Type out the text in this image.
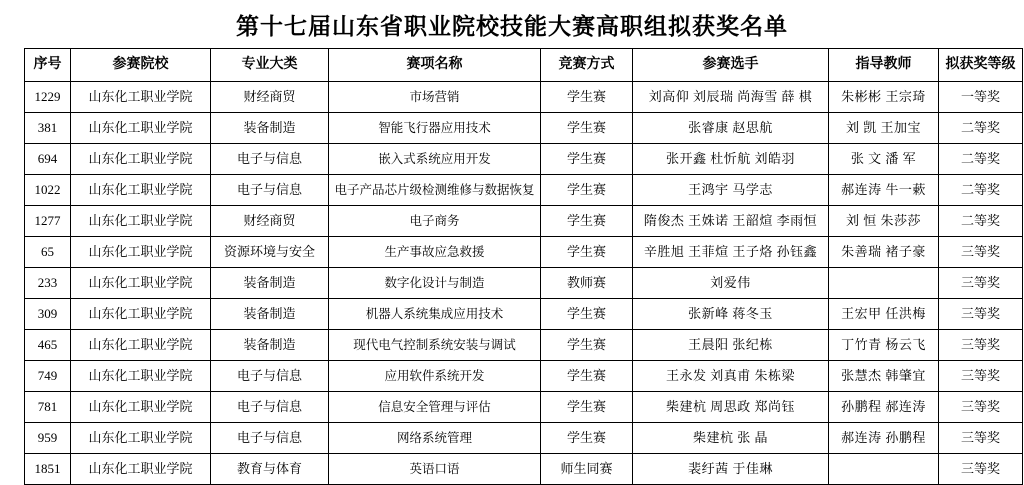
第十七届山东省职业院校技能大赛高职组拟获奖名单
序号	参赛院校	专业大类	赛项名称	竞赛方式	参赛选手	指导教师	拟获奖等级
1229	山东化工职业学院	财经商贸	市场营销	学生赛	刘高仰 刘辰瑞 尚海雪 薛 棋	朱彬彬 王宗琦	一等奖
381	山东化工职业学院	装备制造	智能飞行器应用技术	学生赛	张睿康 赵思航	刘 凯 王加宝	二等奖
694	山东化工职业学院	电子与信息	嵌入式系统应用开发	学生赛	张开鑫 杜忻航 刘皓羽	张 文 潘 军	二等奖
1022	山东化工职业学院	电子与信息	电子产品芯片级检测维修与数据恢复	学生赛	王鸿宇 马学志	郝连涛 牛一蔌	二等奖
1277	山东化工职业学院	财经商贸	电子商务	学生赛	隋俊杰 王姝诺 王韶煊 李雨恒	刘 恒 朱莎莎	二等奖
65	山东化工职业学院	资源环境与安全	生产事故应急救援	学生赛	辛胜旭 王菲煊 王子烙 孙钰鑫	朱善瑞 褚子豪	三等奖
233	山东化工职业学院	装备制造	数字化设计与制造	教师赛	刘爱伟		三等奖
309	山东化工职业学院	装备制造	机器人系统集成应用技术	学生赛	张新峰 蒋冬玉	王宏甲 任洪梅	三等奖
465	山东化工职业学院	装备制造	现代电气控制系统安装与调试	学生赛	王晨阳 张纪栋	丁竹青 杨云飞	三等奖
749	山东化工职业学院	电子与信息	应用软件系统开发	学生赛	王永发 刘真甫 朱栋梁	张慧杰 韩肇宜	三等奖
781	山东化工职业学院	电子与信息	信息安全管理与评估	学生赛	柴建杭 周思政 郑尚钰	孙鹏程 郝连涛	三等奖
959	山东化工职业学院	电子与信息	网络系统管理	学生赛	柴建杭 张 晶	郝连涛 孙鹏程	三等奖
1851	山东化工职业学院	教育与体育	英语口语	师生同赛	裴纡茜 于佳琳		三等奖
